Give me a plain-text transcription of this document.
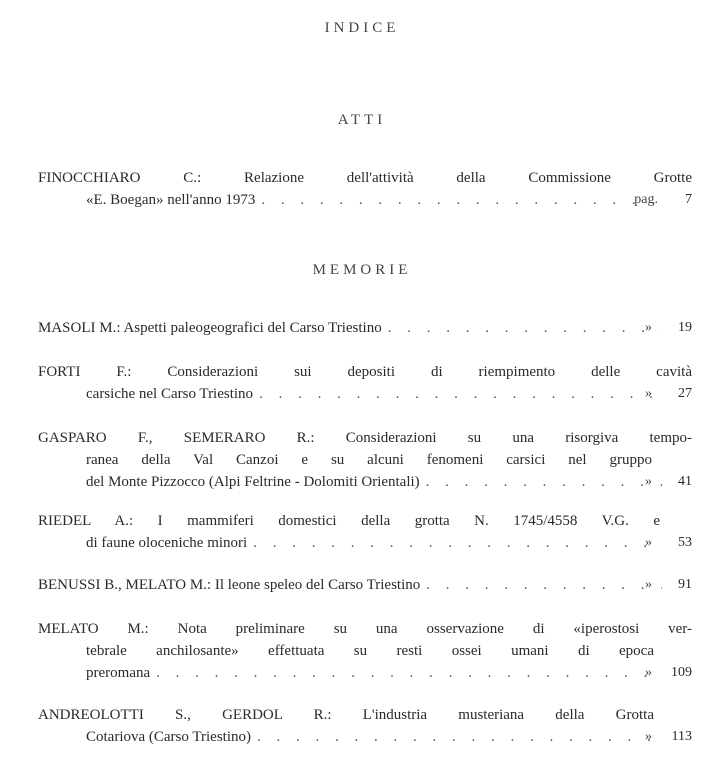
INDICE
ATTI
FINOCCHIARO C.: Relazione dell'attività della Commissione Grotte
«E. Boegan» nell'anno 1973 . . .	pag.	7
MEMORIE
MASOLI M.: Aspetti paleogeografici del Carso Triestino . . .	»	19
FORTI F.: Considerazioni sui depositi di riempimento delle cavità
carsiche nel Carso Triestino . . .	»	27
GASPARO F., SEMERARO R.: Considerazioni su una risorgiva tempo-
ranea della Val Canzoi e su alcuni fenomeni carsici nel gruppo
del Monte Pizzocco (Alpi Feltrine - Dolomiti Orientali) . . .	»	41
RIEDEL A.: I mammiferi domestici della grotta N. 1745/4558 V.G. e
di faune oloceniche minori . . .	»	53
BENUSSI B., MELATO M.: Il leone speleo del Carso Triestino . . .	»	91
MELATO M.: Nota preliminare su una osservazione di «iperostosi ver-
tebrale anchilosante» effettuata su resti ossei umani di epoca
preromana . . .	»	109
ANDREOLOTTI S., GERDOL R.: L'industria musteriana della Grotta
Cotariova (Carso Triestino) . . .	»	113
